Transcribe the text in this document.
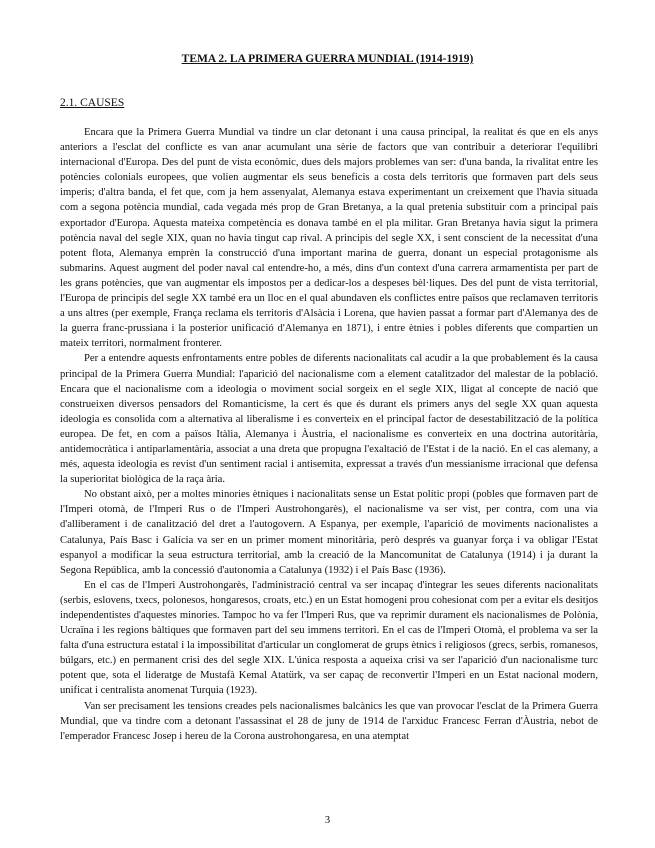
TEMA 2. LA PRIMERA GUERRA MUNDIAL (1914-1919)
2.1. CAUSES

Encara que la Primera Guerra Mundial va tindre un clar detonant i una causa principal, la realitat és que en els anys anteriors a l'esclat del conflicte es van anar acumulant una sèrie de factors que van contribuir a deteriorar l'equilibri internacional d'Europa. Des del punt de vista econòmic, dues dels majors problemes van ser: d'una banda, la rivalitat entre les potències colonials europees, que volien augmentar els seus beneficis a costa dels territoris que formaven part dels seus imperis; d'altra banda, el fet que, com ja hem assenyalat, Alemanya estava experimentant un creixement que l'havia situada com a segona potència mundial, cada vegada més prop de Gran Bretanya, a la qual pretenia substituir com a principal país exportador d'Europa. Aquesta mateixa competència es donava també en el pla militar. Gran Bretanya havia sigut la primera potència naval del segle XIX, quan no havia tingut cap rival. A principis del segle XX, i sent conscient de la necessitat d'una potent flota, Alemanya emprèn la construcció d'una important marina de guerra, donant un especial protagonisme als submarins. Aquest augment del poder naval cal entendre-ho, a més, dins d'un context d'una carrera armamentista per part de les grans potències, que van augmentar els impostos per a dedicar-los a despeses bèl·liques. Des del punt de vista territorial, l'Europa de principis del segle XX també era un lloc en el qual abundaven els conflictes entre països que reclamaven territoris a uns altres (per exemple, França reclama els territoris d'Alsàcia i Lorena, que havien passat a formar part d'Alemanya des de la guerra franc-prussiana i la posterior unificació d'Alemanya en 1871), i entre ètnies i pobles diferents que compartien un mateix territori, normalment fronterer.

Per a entendre aquests enfrontaments entre pobles de diferents nacionalitats cal acudir a la que probablement és la causa principal de la Primera Guerra Mundial: l'aparició del nacionalisme com a element catalitzador del malestar de la població. Encara que el nacionalisme com a ideologia o moviment social sorgeix en el segle XIX, lligat al concepte de nació que construeixen diversos pensadors del Romanticisme, la cert és que és durant els primers anys del segle XX quan aquesta ideologia es consolida com a alternativa al liberalisme i es converteix en el principal factor de desestabilització de la política europea. De fet, en com a països Itàlia, Alemanya i Àustria, el nacionalisme es converteix en una doctrina autoritària, antidemocràtica i antiparlamentària, associat a una dreta que propugna l'exaltació de l'Estat i de la nació. En el cas alemany, a més, aquesta ideologia es revist d'un sentiment racial i antisemita, expressat a través d'un messianisme irracional que defensa la superioritat biològica de la raça ària.

No obstant això, per a moltes minories ètniques i nacionalitats sense un Estat polític propi (pobles que formaven part de l'Imperi otomà, de l'Imperi Rus o de l'Imperi Austrohongarès), el nacionalisme va ser vist, per contra, com una via d'alliberament i de canalització del dret a l'autogovern. A Espanya, per exemple, l'aparició de moviments nacionalistes a Catalunya, País Basc i Galícia va ser en un primer moment minoritària, però després va guanyar força i va obligar l'Estat espanyol a modificar la seua estructura territorial, amb la creació de la Mancomunitat de Catalunya (1914) i ja durant la Segona República, amb la concessió d'autonomia a Catalunya (1932) i el País Basc (1936).

En el cas de l'Imperi Austrohongarès, l'administració central va ser incapaç d'integrar les seues diferents nacionalitats (serbis, eslovens, txecs, polonesos, hongaresos, croats, etc.) en un Estat homogeni prou cohesionat com per a evitar els desitjos independentistes d'aquestes minories. Tampoc ho va fer l'Imperi Rus, que va reprimir durament els nacionalismes de Polònia, Ucraïna i les regions bàltiques que formaven part del seu immens territori. En el cas de l'Imperi Otomà, el problema va ser la falta d'una estructura estatal i la impossibilitat d'articular un conglomerat de grups ètnics i religiosos (grecs, serbis, romanesos, búlgars, etc.) en permanent crisi des del segle XIX. L'única resposta a aqueixa crisi va ser l'aparició d'un nacionalisme turc potent que, sota el lideratge de Mustafà Kemal Atatürk, va ser capaç de reconvertir l'Imperi en un Estat nacional modern, unificat i centralista anomenat Turquia (1923).

Van ser precisament les tensions creades pels nacionalismes balcànics les que van provocar l'esclat de la Primera Guerra Mundial, que va tindre com a detonant l'assassinat el 28 de juny de 1914 de l'arxiduc Francesc Ferran d'Àustria, nebot de l'emperador Francesc Josep i hereu de la Corona austrohongaresa, en una atemptat

3
